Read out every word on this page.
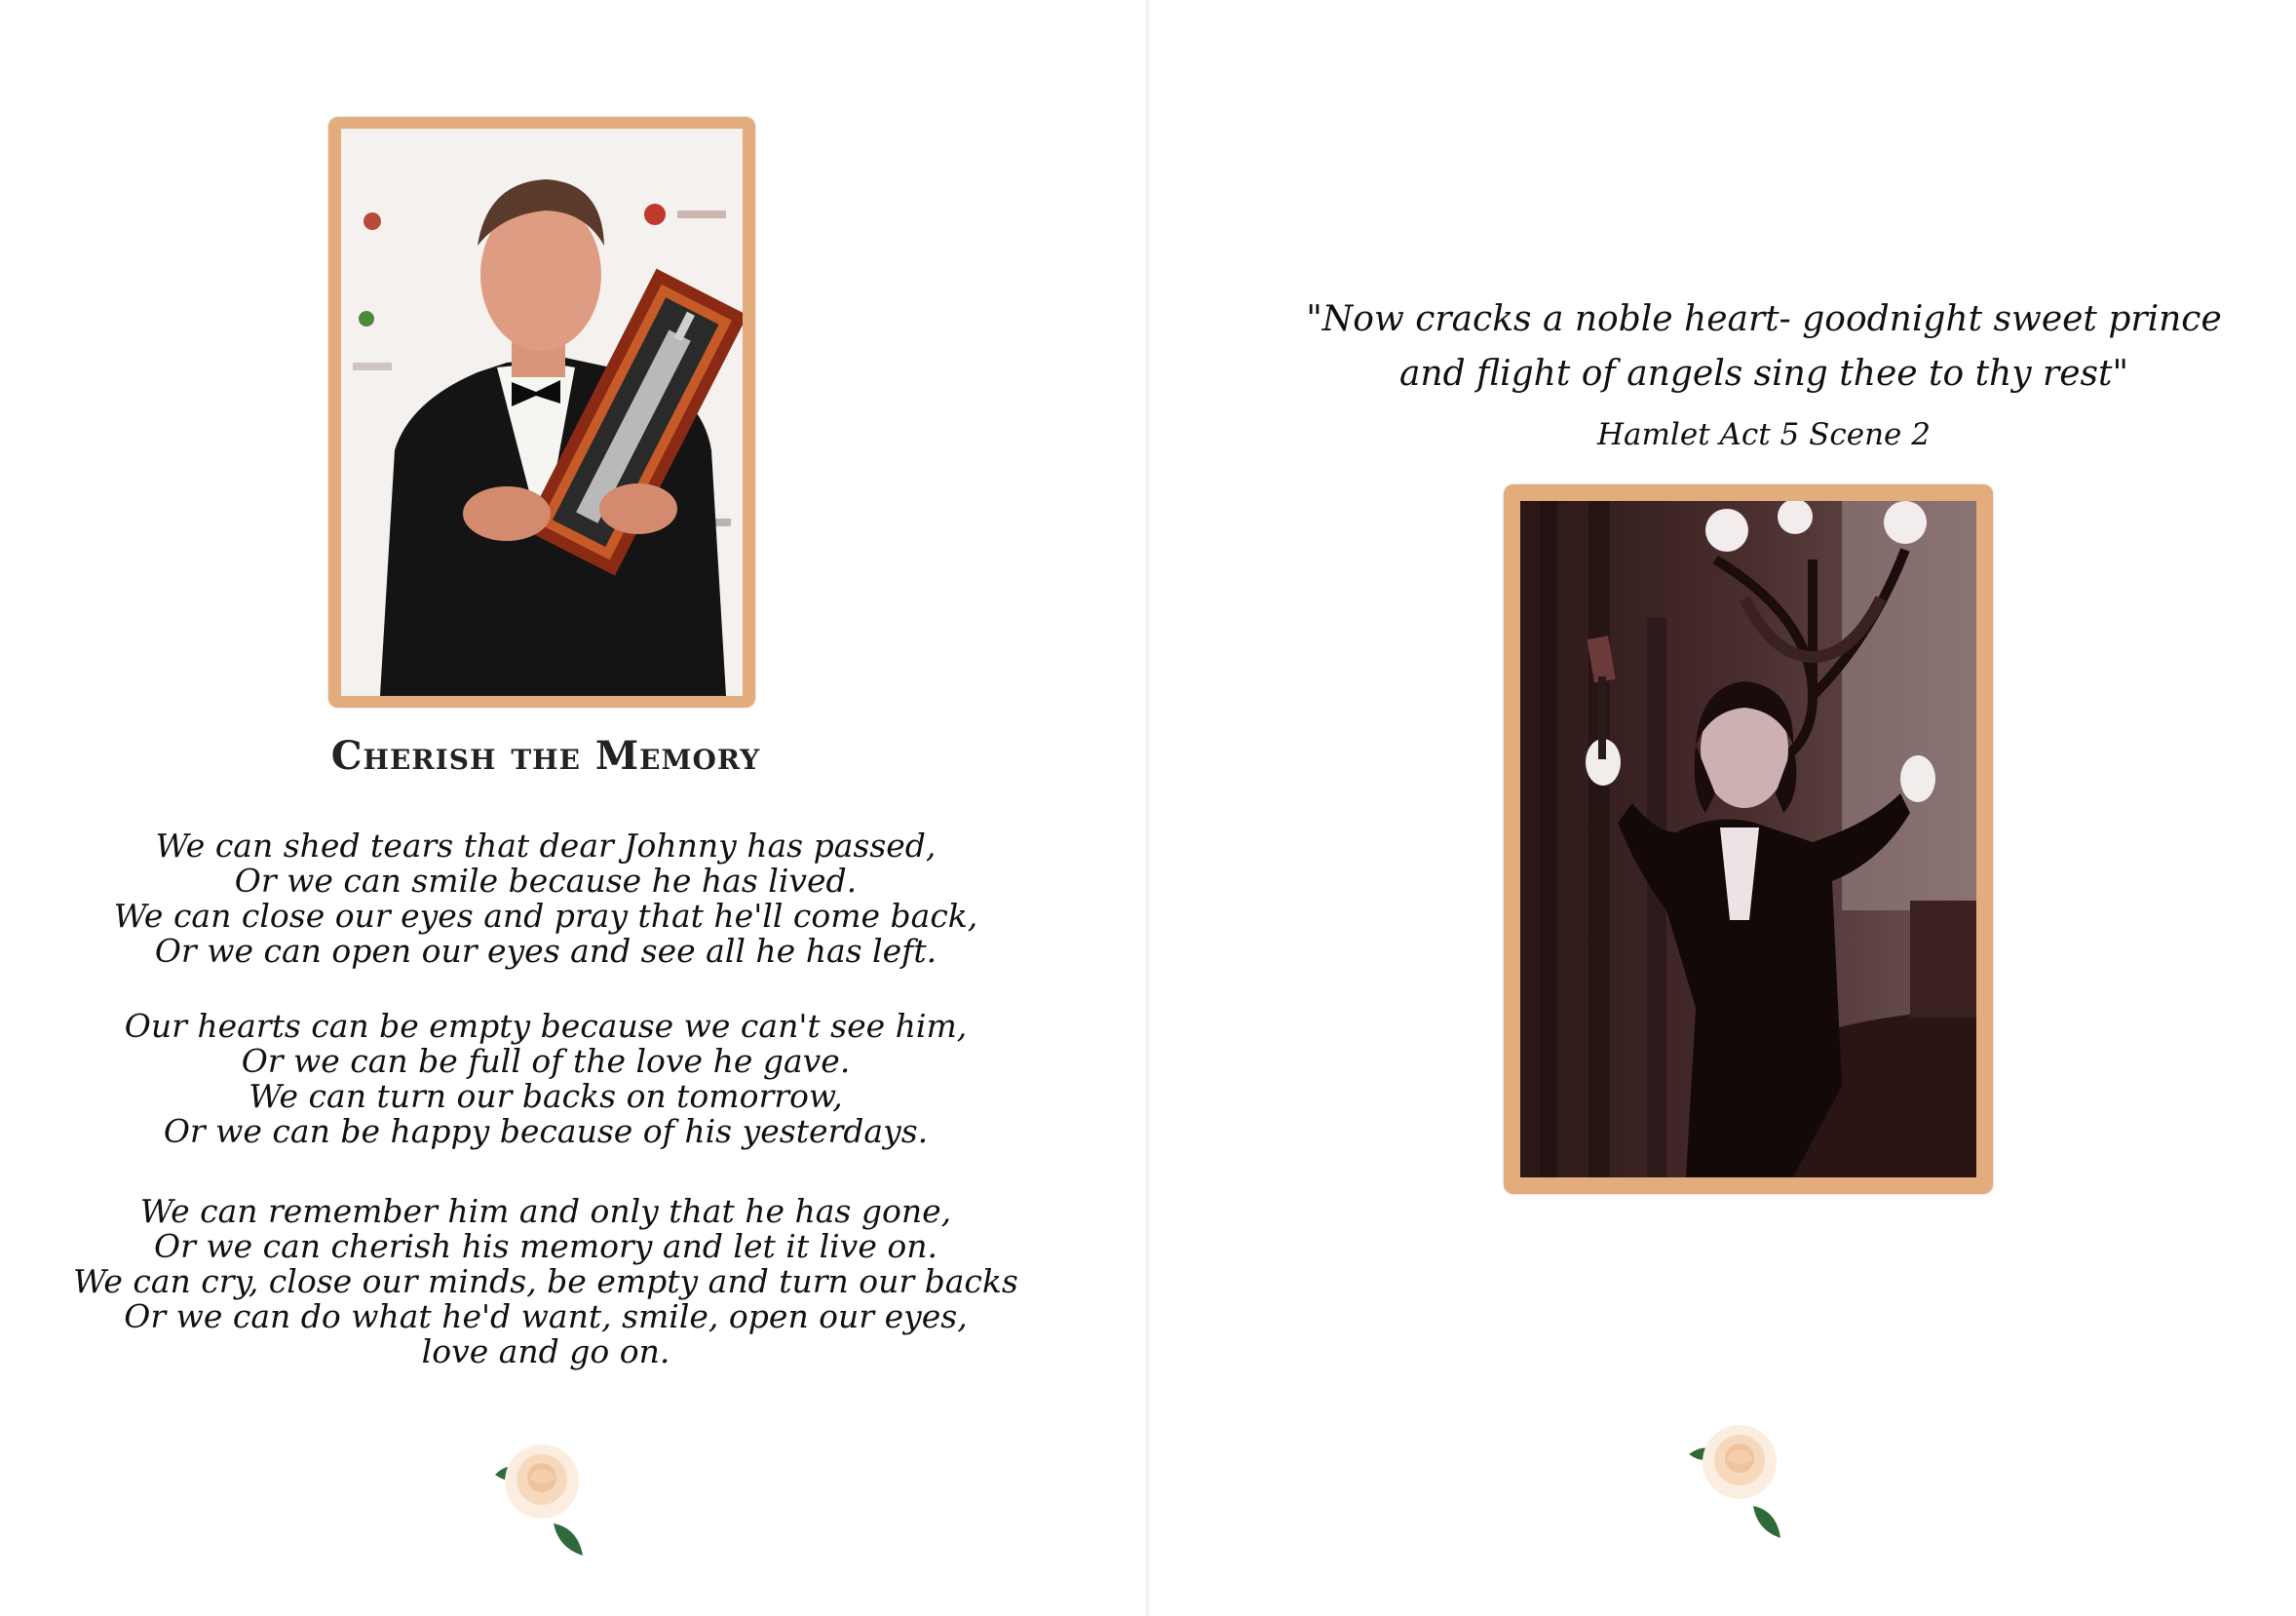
Cherish the Memory
We can shed tears that dear Johnny has passed,
Or we can smile because he has lived.
We can close our eyes and pray that he'll come back,
Or we can open our eyes and see all he has left.
Our hearts can be empty because we can't see him,
Or we can be full of the love he gave.
We can turn our backs on tomorrow,
Or we can be happy because of his yesterdays.
We can remember him and only that he has gone,
Or we can cherish his memory and let it live on.
We can cry, close our minds, be empty and turn our backs
Or we can do what he'd want, smile, open our eyes,
love and go on.
"Now cracks a noble heart- goodnight sweet prince
and flight of angels sing thee to thy rest"
Hamlet Act 5 Scene 2
